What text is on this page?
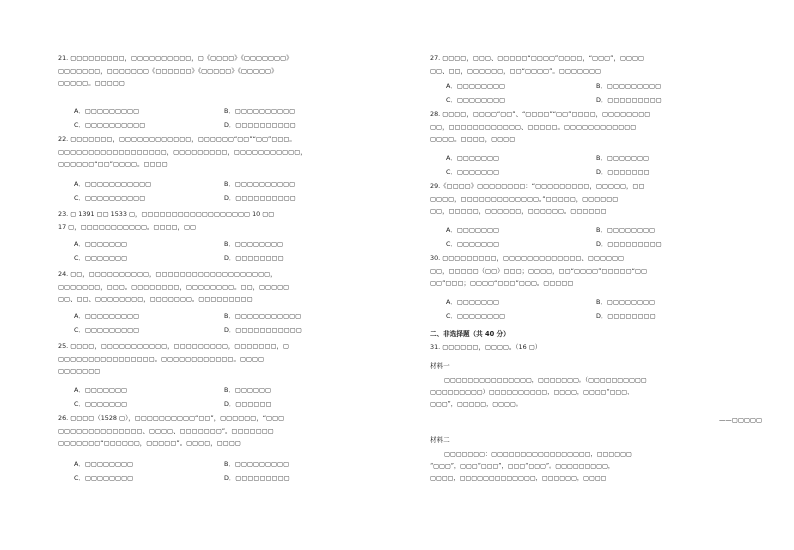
21. ▢▢▢▢▢▢▢▢▢，▢▢▢▢▢▢▢▢▢▢，▢《▢▢▢▢》《▢▢▢▢▢▢▢》
▢▢▢▢▢▢▢，▢▢▢▢▢▢▢《▢▢▢▢▢▢》《▢▢▢▢▢》《▢▢▢▢▢》
▢▢▢▢▢。▢▢▢▢▢
A．▢▢▢▢▢▢▢▢▢	B．▢▢▢▢▢▢▢▢▢▢
C．▢▢▢▢▢▢▢▢▢▢	D．▢▢▢▢▢▢▢▢▢▢
22. ▢▢▢▢▢▢▢，▢▢▢▢▢▢▢▢▢▢▢▢，▢▢▢▢▢▢“▢▢”“▢▢”▢▢▢。
▢▢▢▢▢▢▢▢▢▢▢▢▢▢▢▢▢▢，▢▢▢▢▢▢▢▢▢，▢▢▢▢▢▢▢▢▢▢▢，
▢▢▢▢▢▢“▢▢”▢▢▢▢。▢▢▢▢
A．▢▢▢▢▢▢▢▢▢▢▢	B．▢▢▢▢▢▢▢▢▢▢
C．▢▢▢▢▢▢▢▢▢▢	D．▢▢▢▢▢▢▢▢▢▢
23. ▢ 1391 ▢▢ 1533 ▢，▢▢▢▢▢▢▢▢▢▢▢▢▢▢▢▢▢▢ 10 ▢▢
17 ▢，▢▢▢▢▢▢▢▢▢▢▢。▢▢▢▢，▢▢
A．▢▢▢▢▢▢▢	B．▢▢▢▢▢▢▢▢
C．▢▢▢▢▢▢▢	D．▢▢▢▢▢▢▢▢
24. ▢▢，▢▢▢▢▢▢▢▢▢▢，▢▢▢▢▢▢▢▢▢▢▢▢▢▢▢▢▢▢▢，
▢▢▢▢▢▢▢，▢▢▢。▢▢▢▢▢▢▢▢，▢▢▢▢▢▢▢▢。▢▢，▢▢▢▢▢
▢▢、▢▢、▢▢▢▢▢▢▢▢，▢▢▢▢▢▢▢。▢▢▢▢▢▢▢▢▢
A．▢▢▢▢▢▢▢▢▢	B．▢▢▢▢▢▢▢▢▢▢▢
C．▢▢▢▢▢▢▢▢▢	D．▢▢▢▢▢▢▢▢▢▢▢
25. ▢▢▢▢，▢▢▢▢▢▢▢▢▢▢▢，▢▢▢▢▢▢▢▢▢，▢▢▢▢▢▢▢，▢
▢▢▢▢▢▢▢▢▢▢▢▢▢▢▢▢。▢▢▢▢▢▢▢▢▢▢▢▢。▢▢▢▢
▢▢▢▢▢▢▢
A．▢▢▢▢▢▢▢	B．▢▢▢▢▢▢
C．▢▢▢▢▢▢▢	D．▢▢▢▢▢▢
26. ▢▢▢▢（1528 ▢），▢▢▢▢▢▢▢▢▢▢“▢▢”，▢▢▢▢▢▢，“▢▢▢
▢▢▢▢▢▢▢▢▢▢▢▢▢▢、▢▢▢▢、▢▢▢▢▢▢▢”。▢▢▢▢▢▢▢
▢▢▢▢▢▢▢“▢▢▢▢▢▢，▢▢▢▢▢”。▢▢▢▢，▢▢▢▢
A．▢▢▢▢▢▢▢▢	B．▢▢▢▢▢▢▢▢▢
C．▢▢▢▢▢▢▢▢	D．▢▢▢▢▢▢▢▢▢
27. ▢▢▢▢，▢▢▢、▢▢▢▢▢“▢▢▢▢”▢▢▢▢，“▢▢▢”，▢▢▢▢
▢▢、▢▢，▢▢▢▢▢▢，▢▢“▢▢▢▢”。▢▢▢▢▢▢▢
A．▢▢▢▢▢▢▢▢	B．▢▢▢▢▢▢▢▢▢
C．▢▢▢▢▢▢▢▢	D．▢▢▢▢▢▢▢▢▢
28. ▢▢▢▢，▢▢▢▢“▢▢”、“▢▢▢▢”“▢▢”▢▢▢▢，▢▢▢▢▢▢▢▢
▢▢，▢▢▢▢▢▢▢▢▢▢▢▢、▢▢▢▢▢。▢▢▢▢▢▢▢▢▢▢▢▢
▢▢▢▢。▢▢▢▢，▢▢▢▢
A．▢▢▢▢▢▢▢	B．▢▢▢▢▢▢▢
C．▢▢▢▢▢▢▢	D．▢▢▢▢▢▢▢
29.《▢▢▢▢》▢▢▢▢▢▢▢▢：“▢▢▢▢▢▢▢▢▢，▢▢▢▢▢，▢▢
▢▢▢▢，▢▢▢▢▢▢▢▢▢▢▢▢▢。”▢▢▢▢▢，▢▢▢▢▢▢
▢▢，▢▢▢▢▢，▢▢▢▢▢▢，▢▢▢▢▢▢。▢▢▢▢▢▢
A．▢▢▢▢▢▢▢	B．▢▢▢▢▢▢▢▢
C．▢▢▢▢▢▢▢	D．▢▢▢▢▢▢▢▢▢
30. ▢▢▢▢▢▢▢▢▢，▢▢▢▢▢▢▢▢▢▢▢▢▢、▢▢▢▢▢▢
▢▢，▢▢▢▢▢（▢▢）▢▢▢；▢▢▢▢，▢▢“▢▢▢▢”▢▢▢▢▢“▢▢
▢▢”▢▢▢；▢▢▢▢“▢▢▢”▢▢▢。▢▢▢▢▢
A．▢▢▢▢▢▢▢	B．▢▢▢▢▢▢▢▢
C．▢▢▢▢▢▢▢▢	D．▢▢▢▢▢▢▢▢
二、非选择题（共 40 分）
31. ▢▢▢▢▢▢，▢▢▢▢。（16 ▢）
材料一
▢▢▢▢▢▢▢▢▢▢▢▢▢▢▢，▢▢▢▢▢▢▢。（▢▢▢▢▢▢▢▢▢▢
▢▢▢▢▢▢▢▢▢）▢▢▢▢▢▢▢▢▢▢，▢▢▢▢，▢▢▢▢“▢▢▢、
▢▢▢”，▢▢▢▢▢，▢▢▢▢。
——▢▢▢▢▢
材料二
▢▢▢▢▢▢▢：▢▢▢▢▢▢▢▢▢▢▢▢▢▢▢▢▢，▢▢▢▢▢▢
“▢▢▢”，▢▢▢“▢▢▢”，▢▢▢“▢▢▢”。▢▢▢▢▢▢▢▢▢，
▢▢▢▢，▢▢▢▢▢▢▢▢▢▢▢▢▢，▢▢▢▢▢▢，▢▢▢▢
